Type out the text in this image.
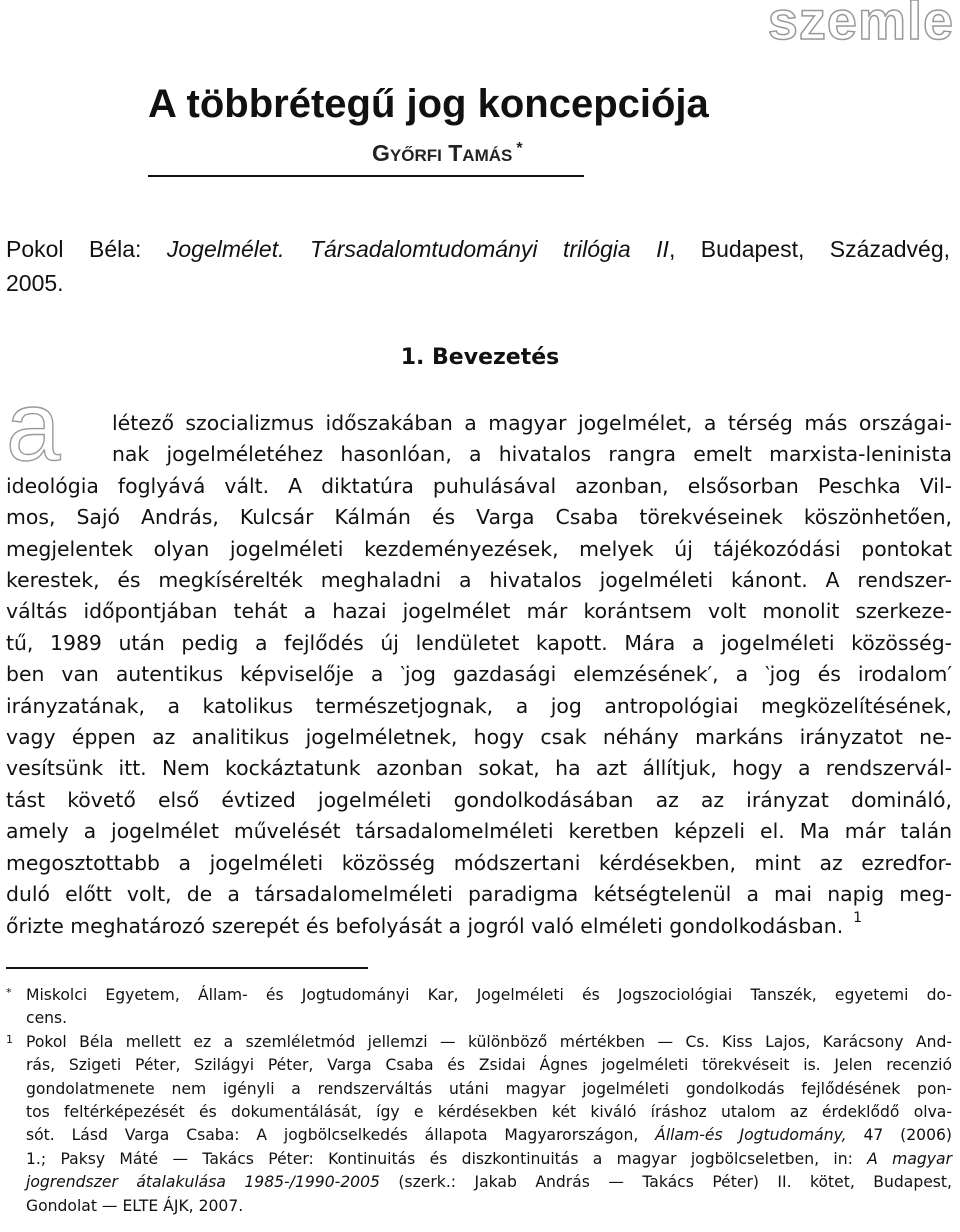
szemle
A többrétegű jog koncepciója
GYŐRFI TAMÁS *
Pokol Béla: Jogelmélet. Társadalomtudományi trilógia II, Budapest, Századvég,
2005.
1. Bevezetés
a	létező szocializmus időszakában a magyar jogelmélet, a térség más országai-
nak jogelméletéhez hasonlóan, a hivatalos rangra emelt marxista-leninista
ideológia foglyává vált. A diktatúra puhulásával azonban, elsősorban Peschka Vil-
mos, Sajó András, Kulcsár Kálmán és Varga Csaba törekvéseinek köszönhetően,
megjelentek olyan jogelméleti kezdeményezések, melyek új tájékozódási pontokat
kerestek, és megkísérelték meghaladni a hivatalos jogelméleti kánont. A rendszer-
váltás időpontjában tehát a hazai jogelmélet már korántsem volt monolit szerkeze-
tű, 1989 után pedig a fejlődés új lendületet kapott. Mára a jogelméleti közösség-
ben van autentikus képviselője a ‵jog gazdasági elemzésének′, a ‵jog és irodalom′
irányzatának, a katolikus természetjognak, a jog antropológiai megközelítésének,
vagy éppen az analitikus jogelméletnek, hogy csak néhány markáns irányzatot ne-
vesítsünk itt. Nem kockáztatunk azonban sokat, ha azt állítjuk, hogy a rendszervál-
tást követő első évtized jogelméleti gondolkodásában az az irányzat domináló,
amely a jogelmélet művelését társadalomelméleti keretben képzeli el. Ma már talán
megosztottabb a jogelméleti közösség módszertani kérdésekben, mint az ezredfor-
duló előtt volt, de a társadalomelméleti paradigma kétségtelenül a mai napig meg-
őrizte meghatározó szerepét és befolyását a jogról való elméleti gondolkodásban. $^1$
* Miskolci Egyetem, Állam- és Jogtudományi Kar, Jogelméleti és Jogszociológiai Tanszék, egyetemi do-
cens.
1 Pokol Béla mellett ez a szemléletmód jellemzi — különböző mértékben — Cs. Kiss Lajos, Karácsony And-
rás, Szigeti Péter, Szilágyi Péter, Varga Csaba és Zsidai Ágnes jogelméleti törekvéseit is. Jelen recenzió
gondolatmenete nem igényli a rendszerváltás utáni magyar jogelméleti gondolkodás fejlődésének pon-
tos feltérképezését és dokumentálását, így e kérdésekben két kiváló íráshoz utalom az érdeklődő olva-
sót. Lásd Varga Csaba: A jogbölcselkedés állapota Magyarországon, Állam-és Jogtudomány, 47 (2006)
1.; Paksy Máté — Takács Péter: Kontinuitás és diszkontinuitás a magyar jogbölcseletben, in: A magyar
jogrendszer átalakulása 1985-/1990-2005 (szerk.: Jakab András — Takács Péter) II. kötet, Budapest,
Gondolat — ELTE ÁJK, 2007.
